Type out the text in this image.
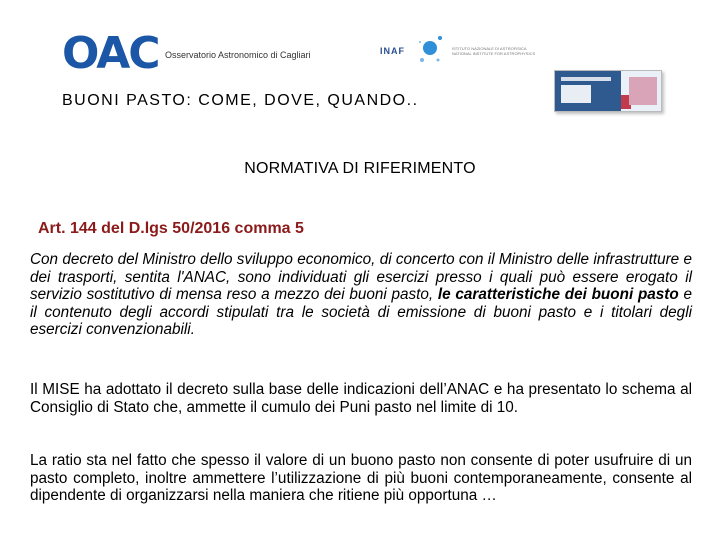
OAC Osservatorio Astronomico di Cagliari	INAF	ISTITUTO NAZIONALE DI ASTROFISICA NATIONAL INSTITUTE FOR ASTROPHYSICS
BUONI PASTO: COME, DOVE, QUANDO..
NORMATIVA DI RIFERIMENTO
Art. 144 del D.lgs 50/2016 comma 5
Con decreto del Ministro dello sviluppo economico, di concerto con il Ministro delle infrastrutture e dei trasporti, sentita l'ANAC, sono individuati gli esercizi presso i quali può essere erogato il servizio sostitutivo di mensa reso a mezzo dei buoni pasto, le caratteristiche dei buoni pasto e il contenuto degli accordi stipulati tra le società di emissione di buoni pasto e i titolari degli esercizi convenzionabili.
Il MISE ha adottato il decreto sulla base delle indicazioni dell’ANAC e ha presentato lo schema al Consiglio di Stato che, ammette il cumulo dei Puni pasto nel limite di 10.
La ratio sta nel fatto che spesso il valore di un buono pasto non consente di poter usufruire di un pasto completo, inoltre ammettere l’utilizzazione di più buoni contemporaneamente, consente al dipendente di organizzarsi nella maniera che ritiene più opportuna …
